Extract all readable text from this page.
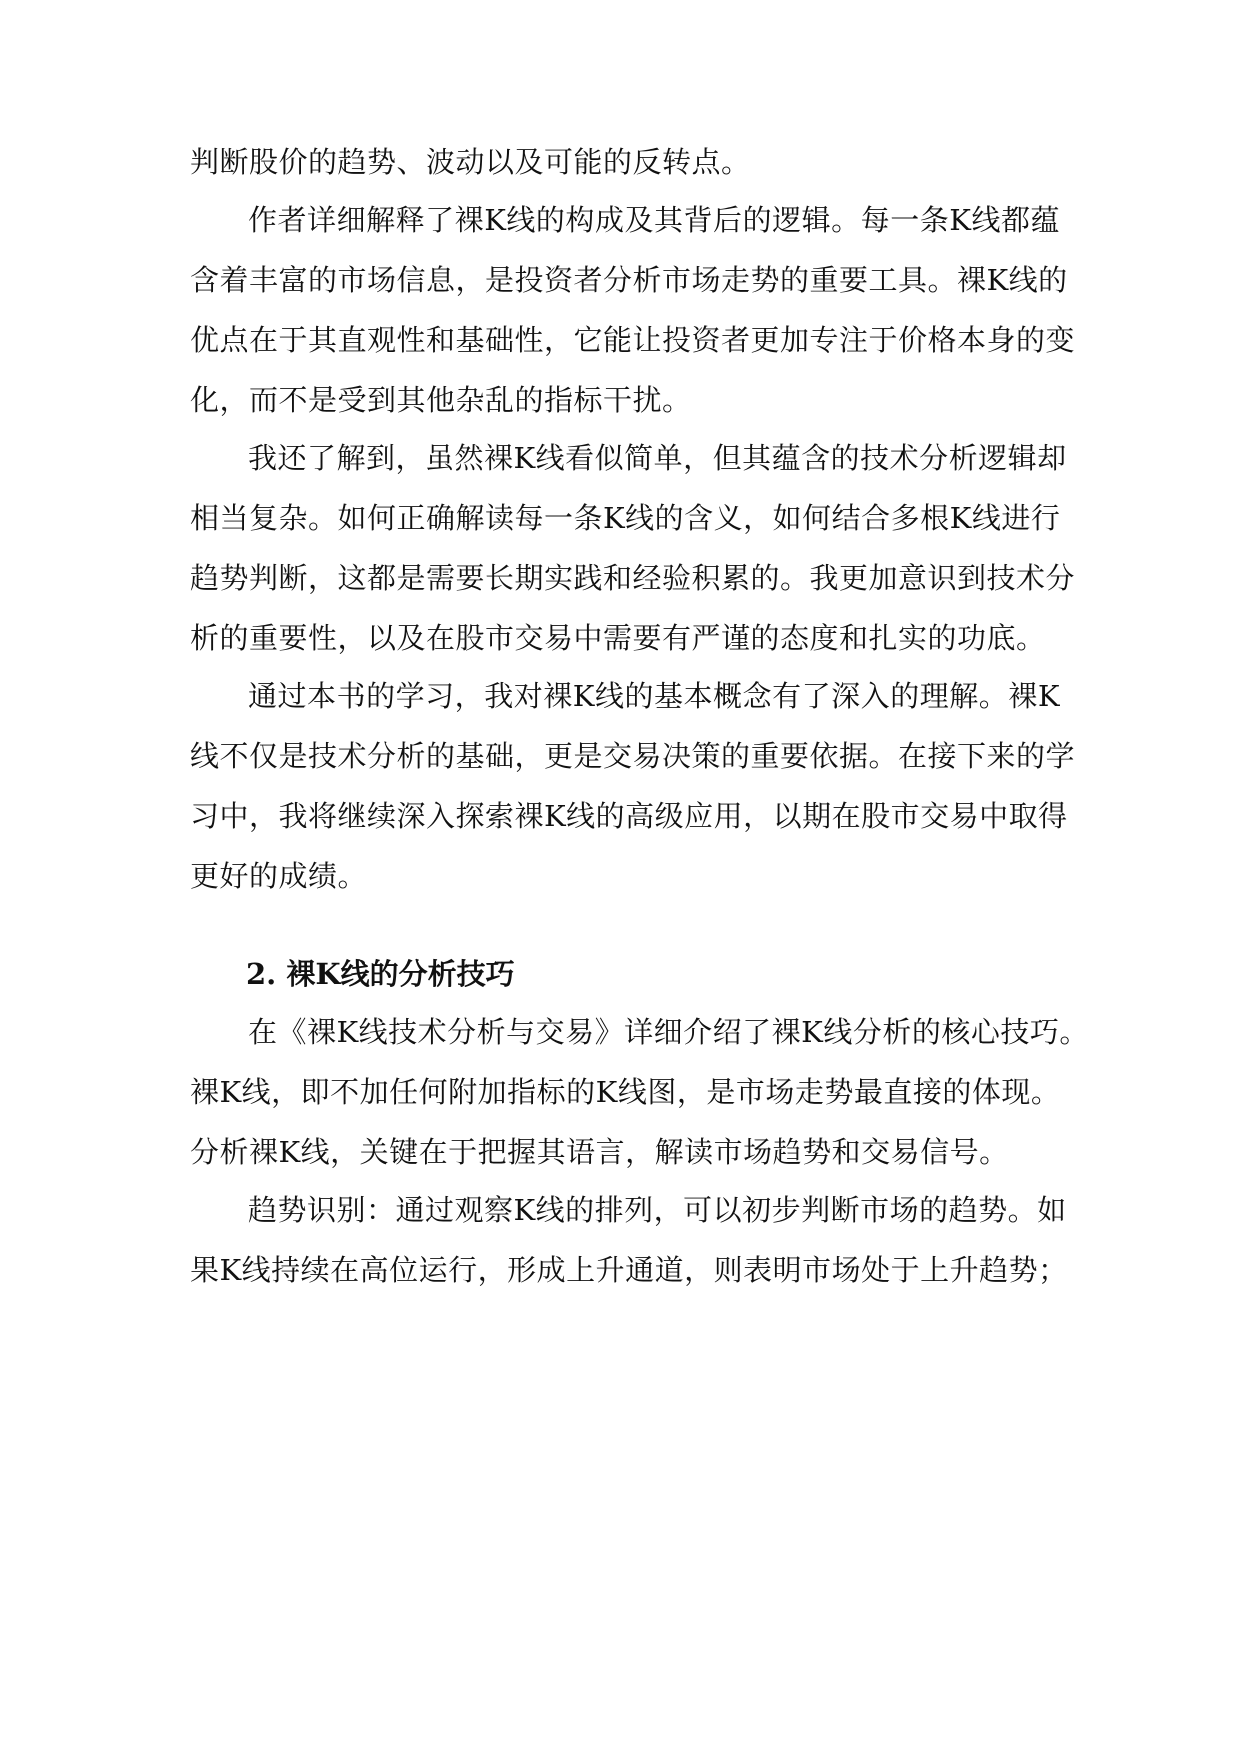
判断股价的趋势、波动以及可能的反转点。
作者详细解释了裸K线的构成及其背后的逻辑。每一条K线都蕴
含着丰富的市场信息，是投资者分析市场走势的重要工具。裸K线的
优点在于其直观性和基础性，它能让投资者更加专注于价格本身的变
化，而不是受到其他杂乱的指标干扰。
我还了解到，虽然裸K线看似简单，但其蕴含的技术分析逻辑却
相当复杂。如何正确解读每一条K线的含义，如何结合多根K线进行
趋势判断，这都是需要长期实践和经验积累的。我更加意识到技术分
析的重要性，以及在股市交易中需要有严谨的态度和扎实的功底。
通过本书的学习，我对裸K线的基本概念有了深入的理解。裸K
线不仅是技术分析的基础，更是交易决策的重要依据。在接下来的学
习中，我将继续深入探索裸K线的高级应用，以期在股市交易中取得
更好的成绩。
2. 裸K线的分析技巧
在《裸K线技术分析与交易》详细介绍了裸K线分析的核心技巧。
裸K线，即不加任何附加指标的K线图，是市场走势最直接的体现。
分析裸K线，关键在于把握其语言，解读市场趋势和交易信号。
趋势识别：通过观察K线的排列，可以初步判断市场的趋势。如
果K线持续在高位运行，形成上升通道，则表明市场处于上升趋势；
